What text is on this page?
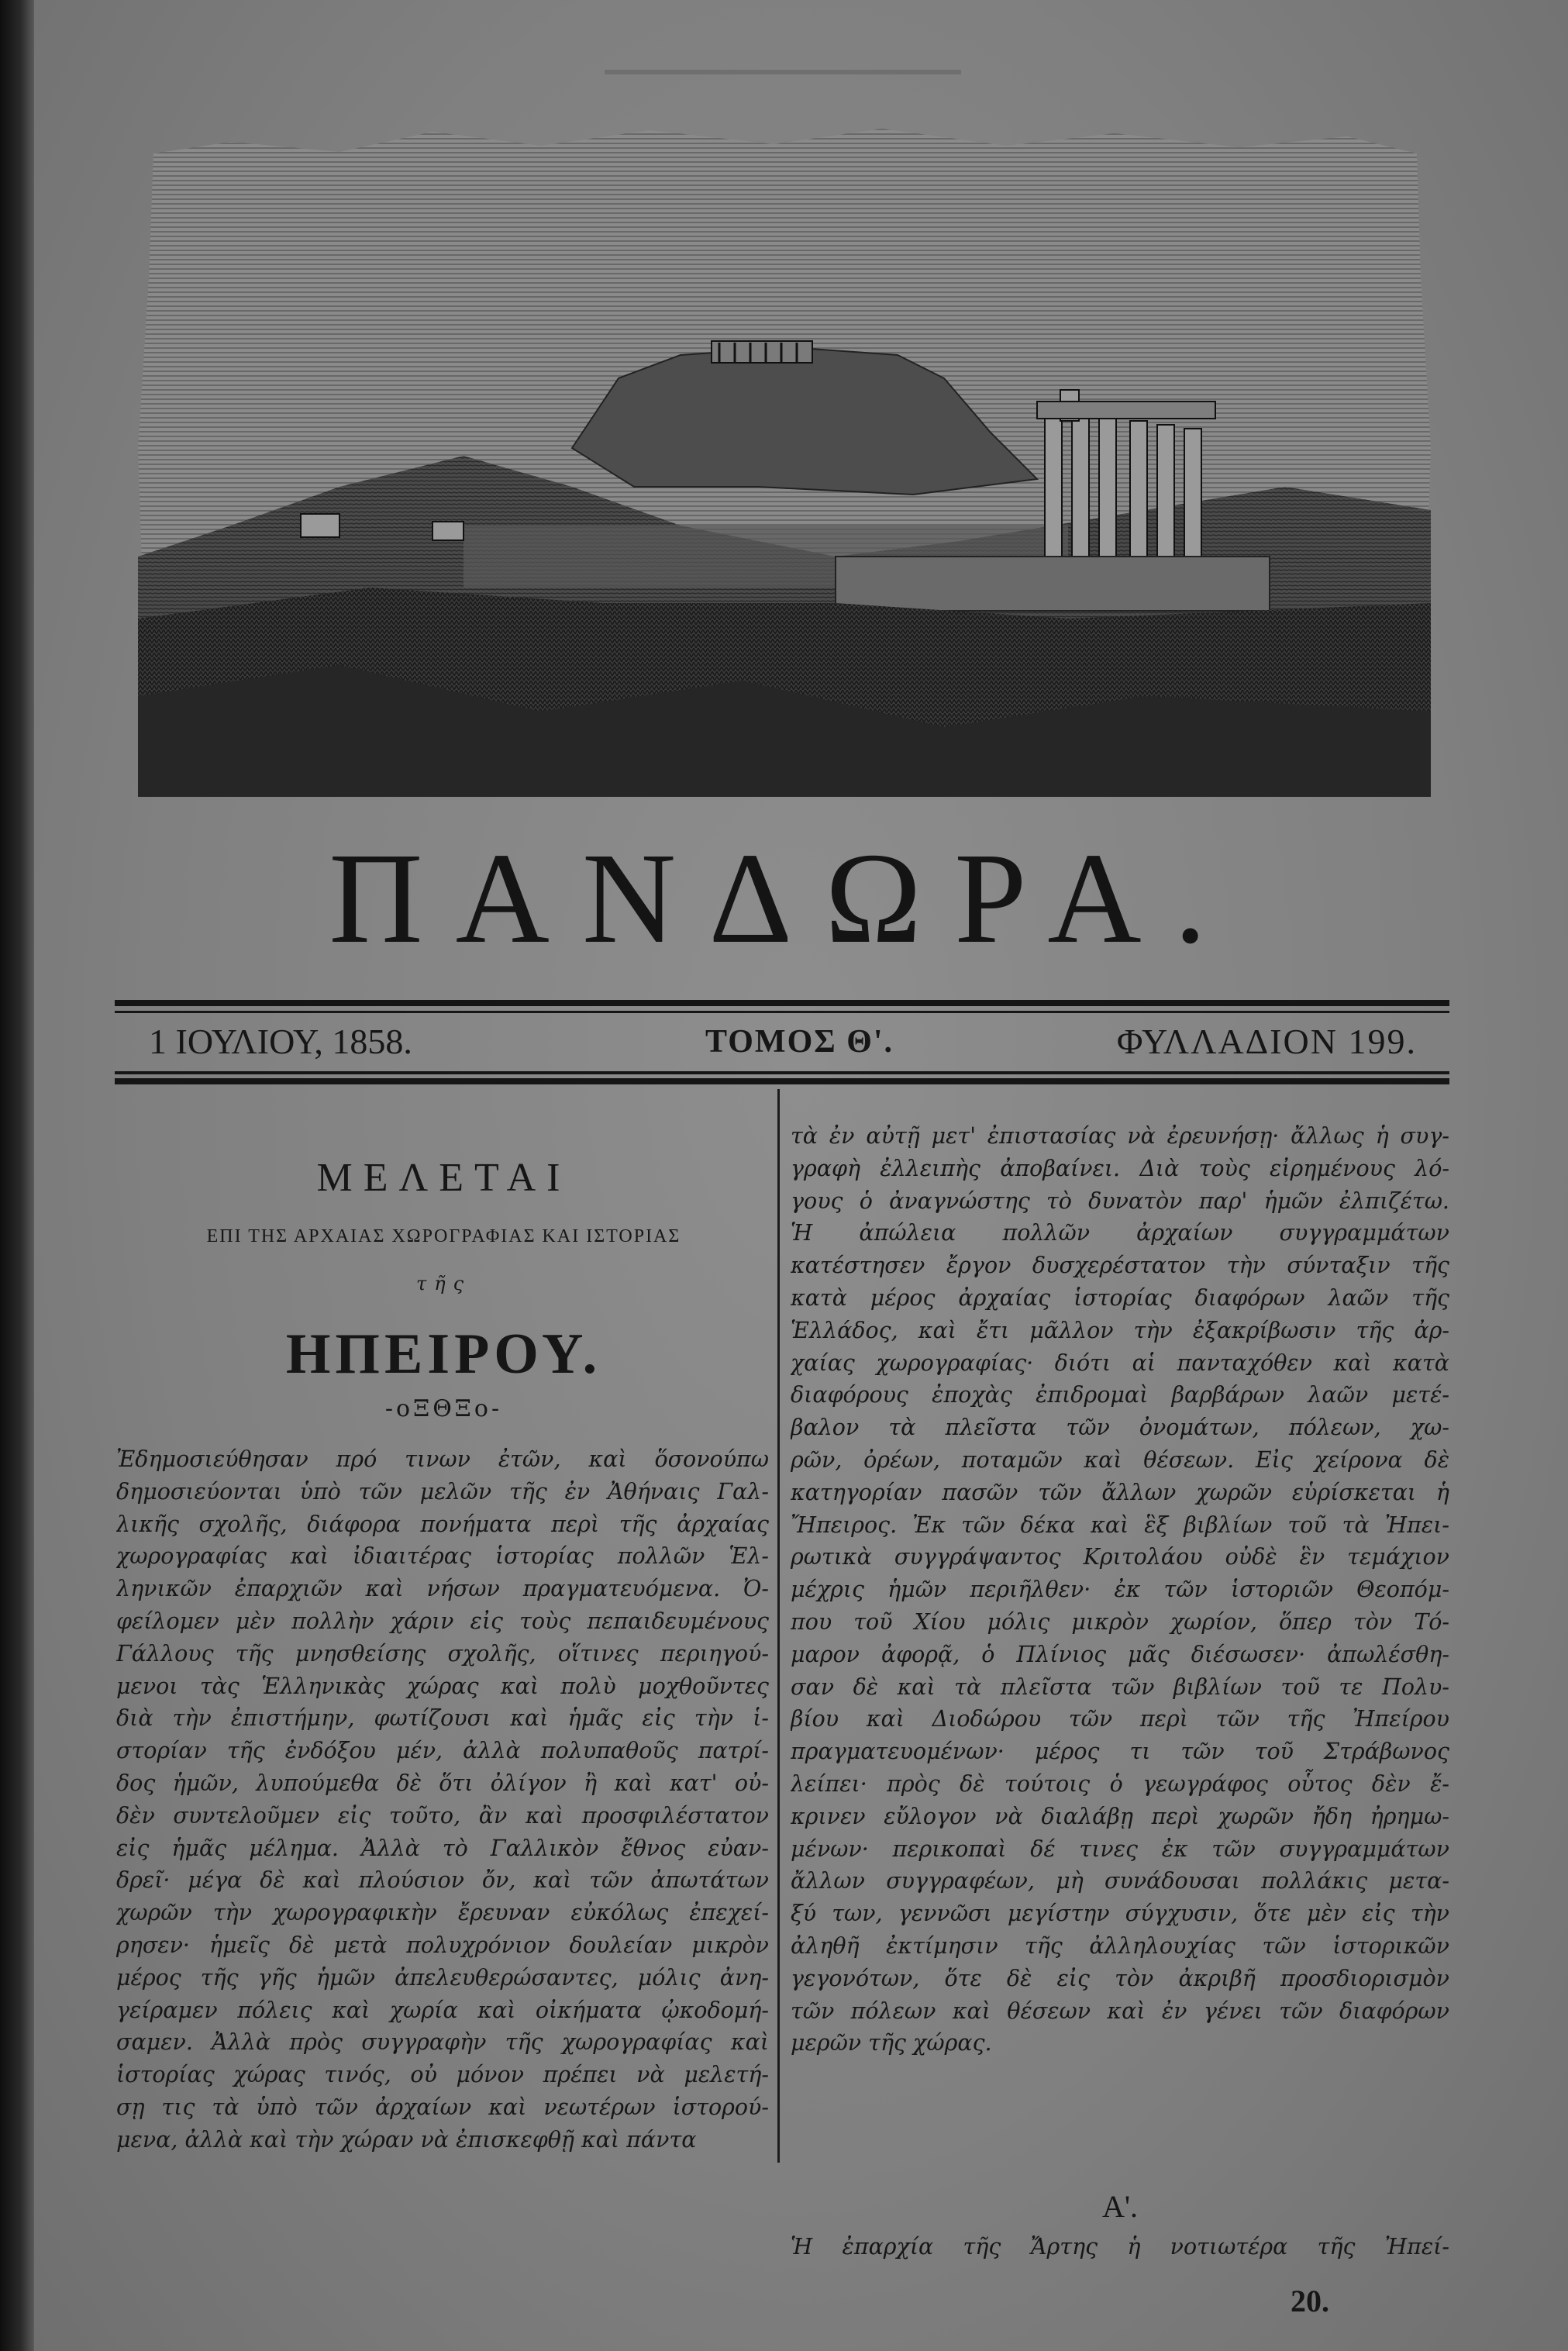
ΠΑΝΔΩΡΑ.
1 ΙΟΥΛΙΟΥ, 1858.	ΤΟΜΟΣ Θ'.	ΦΥΛΛΑΔΙΟΝ 199.
ΜΕΛΕΤΑΙ
ΕΠΙ ΤΗΣ ΑΡΧΑΙΑΣ ΧΩΡΟΓΡΑΦΙΑΣ ΚΑΙ ΙΣΤΟΡΙΑΣ
τῆς
ΗΠΕΙΡΟΥ.
-οΞΘΞο-
Ἐδημοσιεύθησαν πρό τινων ἐτῶν, καὶ ὅσονούπω
δημοσιεύονται ὑπὸ τῶν μελῶν τῆς ἐν Ἀθήναις Γαλ-
λικῆς σχολῆς, διάφορα πονήματα περὶ τῆς ἀρχαίας
χωρογραφίας καὶ ἰδιαιτέρας ἱστορίας πολλῶν Ἑλ-
ληνικῶν ἐπαρχιῶν καὶ νήσων πραγματευόμενα. Ὀ-
φείλομεν μὲν πολλὴν χάριν εἰς τοὺς πεπαιδευμένους
Γάλλους τῆς μνησθείσης σχολῆς, οἵτινες περιηγού-
μενοι τὰς Ἑλληνικὰς χώρας καὶ πολὺ μοχθοῦντες
διὰ τὴν ἐπιστήμην, φωτίζουσι καὶ ἡμᾶς εἰς τὴν ἱ-
στορίαν τῆς ἐνδόξου μέν, ἀλλὰ πολυπαθοῦς πατρί-
δος ἡμῶν, λυπούμεθα δὲ ὅτι ὀλίγον ἢ καὶ κατ' οὐ-
δὲν συντελοῦμεν εἰς τοῦτο, ἂν καὶ προσφιλέστατον
εἰς ἡμᾶς μέλημα. Ἀλλὰ τὸ Γαλλικὸν ἔθνος εὐαν-
δρεῖ· μέγα δὲ καὶ πλούσιον ὄν, καὶ τῶν ἀπωτάτων
χωρῶν τὴν χωρογραφικὴν ἔρευναν εὐκόλως ἐπεχεί-
ρησεν· ἡμεῖς δὲ μετὰ πολυχρόνιον δουλείαν μικρὸν
μέρος τῆς γῆς ἡμῶν ἀπελευθερώσαντες, μόλις ἀνη-
γείραμεν πόλεις καὶ χωρία καὶ οἰκήματα ᾠκοδομή-
σαμεν. Ἀλλὰ πρὸς συγγραφὴν τῆς χωρογραφίας καὶ
ἱστορίας χώρας τινός, οὐ μόνον πρέπει νὰ μελετή-
σῃ τις τὰ ὑπὸ τῶν ἀρχαίων καὶ νεωτέρων ἱστορού-
μενα, ἀλλὰ καὶ τὴν χώραν νὰ ἐπισκεφθῇ καὶ πάντα
τὰ ἐν αὐτῇ μετ' ἐπιστασίας νὰ ἐρευνήσῃ· ἄλλως ἡ συγ-
γραφὴ ἐλλειπὴς ἀποβαίνει. Διὰ τοὺς εἰρημένους λό-
γους ὁ ἀναγνώστης τὸ δυνατὸν παρ' ἡμῶν ἐλπιζέτω.
Ἡ ἀπώλεια πολλῶν ἀρχαίων συγγραμμάτων
κατέστησεν ἔργον δυσχερέστατον τὴν σύνταξιν τῆς
κατὰ μέρος ἀρχαίας ἱστορίας διαφόρων λαῶν τῆς
Ἑλλάδος, καὶ ἔτι μᾶλλον τὴν ἐξακρίβωσιν τῆς ἀρ-
χαίας χωρογραφίας· διότι αἱ πανταχόθεν καὶ κατὰ
διαφόρους ἐποχὰς ἐπιδρομαὶ βαρβάρων λαῶν μετέ-
βαλον τὰ πλεῖστα τῶν ὀνομάτων, πόλεων, χω-
ρῶν, ὀρέων, ποταμῶν καὶ θέσεων. Εἰς χείρονα δὲ
κατηγορίαν πασῶν τῶν ἄλλων χωρῶν εὑρίσκεται ἡ
Ἤπειρος. Ἐκ τῶν δέκα καὶ ἓξ βιβλίων τοῦ τὰ Ἠπει-
ρωτικὰ συγγράψαντος Κριτολάου οὐδὲ ἓν τεμάχιον
μέχρις ἡμῶν περιῆλθεν· ἐκ τῶν ἱστοριῶν Θεοπόμ-
που τοῦ Χίου μόλις μικρὸν χωρίον, ὅπερ τὸν Τό-
μαρον ἀφορᾷ, ὁ Πλίνιος μᾶς διέσωσεν· ἀπωλέσθη-
σαν δὲ καὶ τὰ πλεῖστα τῶν βιβλίων τοῦ τε Πολυ-
βίου καὶ Διοδώρου τῶν περὶ τῶν τῆς Ἠπείρου
πραγματευομένων· μέρος τι τῶν τοῦ Στράβωνος
λείπει· πρὸς δὲ τούτοις ὁ γεωγράφος οὗτος δὲν ἔ-
κρινεν εὔλογον νὰ διαλάβῃ περὶ χωρῶν ἤδη ἠρημω-
μένων· περικοπαὶ δέ τινες ἐκ τῶν συγγραμμάτων
ἄλλων συγγραφέων, μὴ συνάδουσαι πολλάκις μετα-
ξύ των, γεννῶσι μεγίστην σύγχυσιν, ὅτε μὲν εἰς τὴν
ἀληθῆ ἐκτίμησιν τῆς ἀλληλουχίας τῶν ἱστορικῶν
γεγονότων, ὅτε δὲ εἰς τὸν ἀκριβῆ προσδιορισμὸν
τῶν πόλεων καὶ θέσεων καὶ ἐν γένει τῶν διαφόρων
μερῶν τῆς χώρας.
Α'.
Ἡ ἐπαρχία τῆς Ἄρτης ἡ νοτιωτέρα τῆς Ἠπεί-
20.
